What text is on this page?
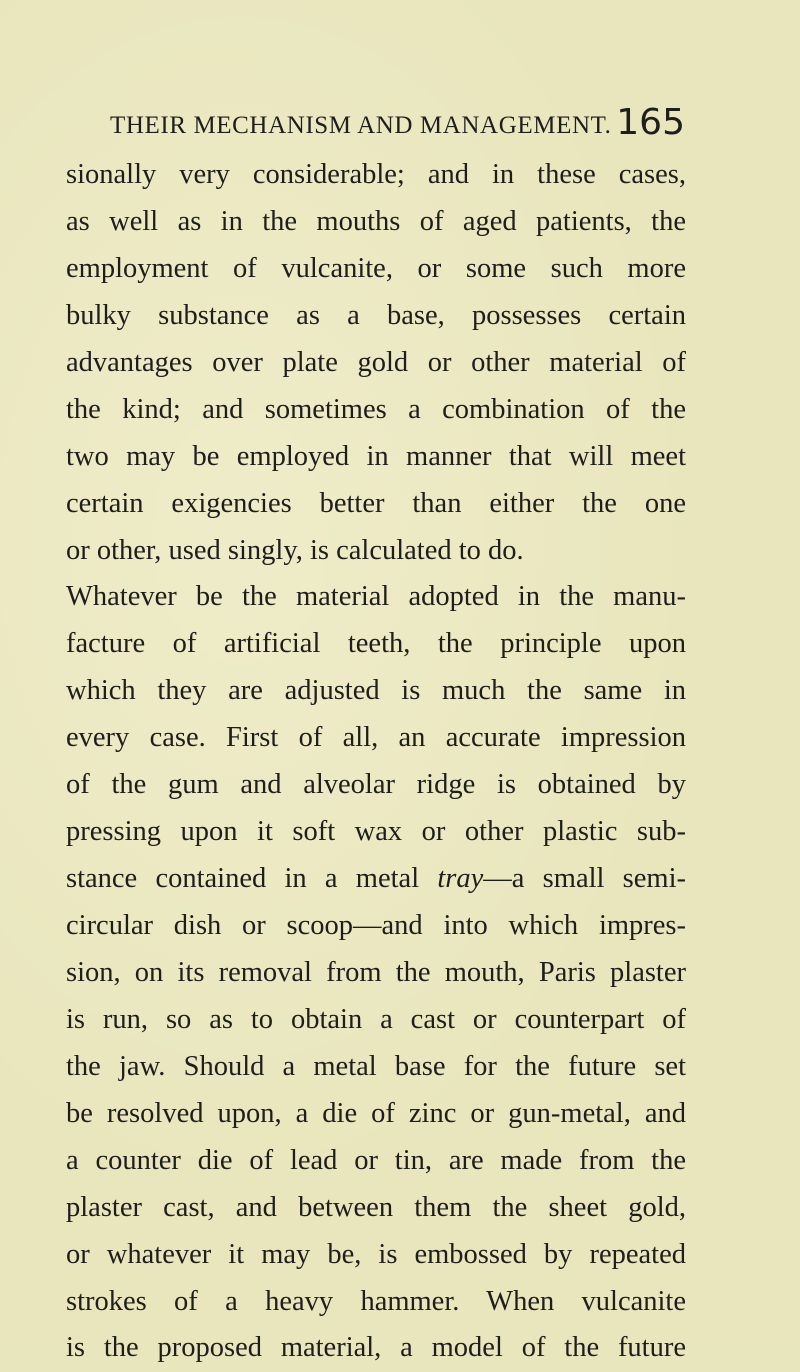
THEIR MECHANISM AND MANAGEMENT. 165
sionally very considerable; and in these cases,
as well as in the mouths of aged patients, the
employment of vulcanite, or some such more
bulky substance as a base, possesses certain
advantages over plate gold or other material of
the kind; and sometimes a combination of the
two may be employed in manner that will meet
certain exigencies better than either the one
or other, used singly, is calculated to do.
Whatever be the material adopted in the manu-
facture of artificial teeth, the principle upon
which they are adjusted is much the same in
every case. First of all, an accurate impression
of the gum and alveolar ridge is obtained by
pressing upon it soft wax or other plastic sub-
stance contained in a metal tray—a small semi-
circular dish or scoop—and into which impres-
sion, on its removal from the mouth, Paris plaster
is run, so as to obtain a cast or counterpart of
the jaw. Should a metal base for the future set
be resolved upon, a die of zinc or gun-metal, and
a counter die of lead or tin, are made from the
plaster cast, and between them the sheet gold,
or whatever it may be, is embossed by repeated
strokes of a heavy hammer. When vulcanite
is the proposed material, a model of the future
